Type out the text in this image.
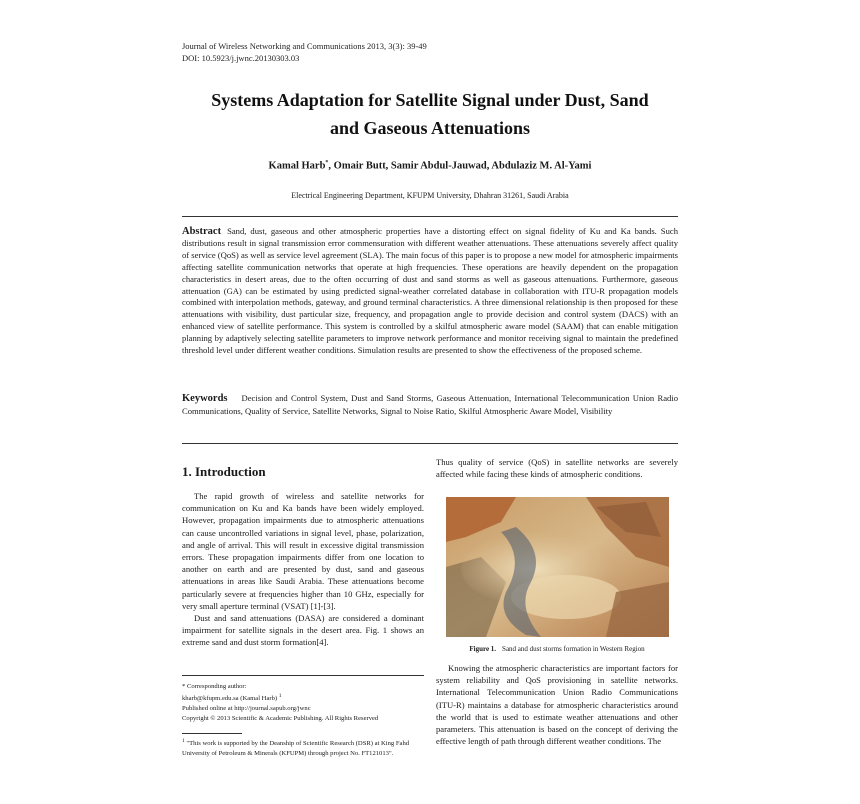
Journal of Wireless Networking and Communications 2013, 3(3): 39-49
DOI: 10.5923/j.jwnc.20130303.03
Systems Adaptation for Satellite Signal under Dust, Sand
and Gaseous Attenuations
Kamal Harb*, Omair Butt, Samir Abdul-Jauwad, Abdulaziz M. Al-Yami
Electrical Engineering Department, KFUPM University, Dhahran 31261, Saudi Arabia
Abstract Sand, dust, gaseous and other atmospheric properties have a distorting effect on signal fidelity of Ku and Ka bands. Such distributions result in signal transmission error commensuration with different weather attenuations. These attenuations severely affect quality of service (QoS) as well as service level agreement (SLA). The main focus of this paper is to propose a new model for atmospheric impairments affecting satellite communication networks that operate at high frequencies. These operations are heavily dependent on the propagation characteristics in desert areas, due to the often occurring of dust and sand storms as well as gaseous attenuations. Furthermore, gaseous attenuation (GA) can be estimated by using predicted signal-weather correlated database in collaboration with ITU-R propagation models combined with interpolation methods, gateway, and ground terminal characteristics. A three dimensional relationship is then proposed for these attenuations with visibility, dust particular size, frequency, and propagation angle to provide decision and control system (DACS) with an enhanced view of satellite performance. This system is controlled by a skilful atmospheric aware model (SAAM) that can enable mitigation planning by adaptively selecting satellite parameters to improve network performance and monitor receiving signal to maintain the predefined threshold level under different weather conditions. Simulation results are presented to show the effectiveness of the proposed scheme.
Keywords Decision and Control System, Dust and Sand Storms, Gaseous Attenuation, International Telecommunication Union Radio Communications, Quality of Service, Satellite Networks, Signal to Noise Ratio, Skilful Atmospheric Aware Model, Visibility
1. Introduction

The rapid growth of wireless and satellite networks for communication on Ku and Ka bands have been widely employed. However, propagation impairments due to atmospheric attenuations can cause uncontrolled variations in signal level, phase, polarization, and angle of arrival. This will result in excessive digital transmission errors. These propagation impairments differ from one location to another on earth and are presented by dust, sand and gaseous attenuations in areas like Saudi Arabia. These attenuations become particularly severe at frequencies higher than 10 GHz, especially for very small aperture terminal (VSAT) [1]-[3].

Dust and sand attenuations (DASA) are considered a dominant impairment for satellite signals in the desert area. Fig. 1 shows an extreme sand and dust storm formation[4].

* Corresponding author:
kharb@kfupm.edu.sa (Kamal Harb) $^1$
Published online at http://journal.sapub.org/jwnc
Copyright © 2013 Scientific & Academic Publishing. All Rights Reserved
$^1$ "This work is supported by the Deanship of Scientific Research (DSR) at King Fahd University of Petroleum & Minerals (KFUPM) through project No. FT121013".

Thus quality of service (QoS) in satellite networks are severely affected while facing these kinds of atmospheric conditions.

Figure 1. Sand and dust storms formation in Western Region

Knowing the atmospheric characteristics are important factors for system reliability and QoS provisioning in satellite networks. International Telecommunication Union Radio Communications (ITU-R) maintains a database for atmospheric characteristics around the world that is used to estimate weather attenuations and other parameters. This attenuation is based on the concept of deriving the effective length of path through different weather conditions. The
